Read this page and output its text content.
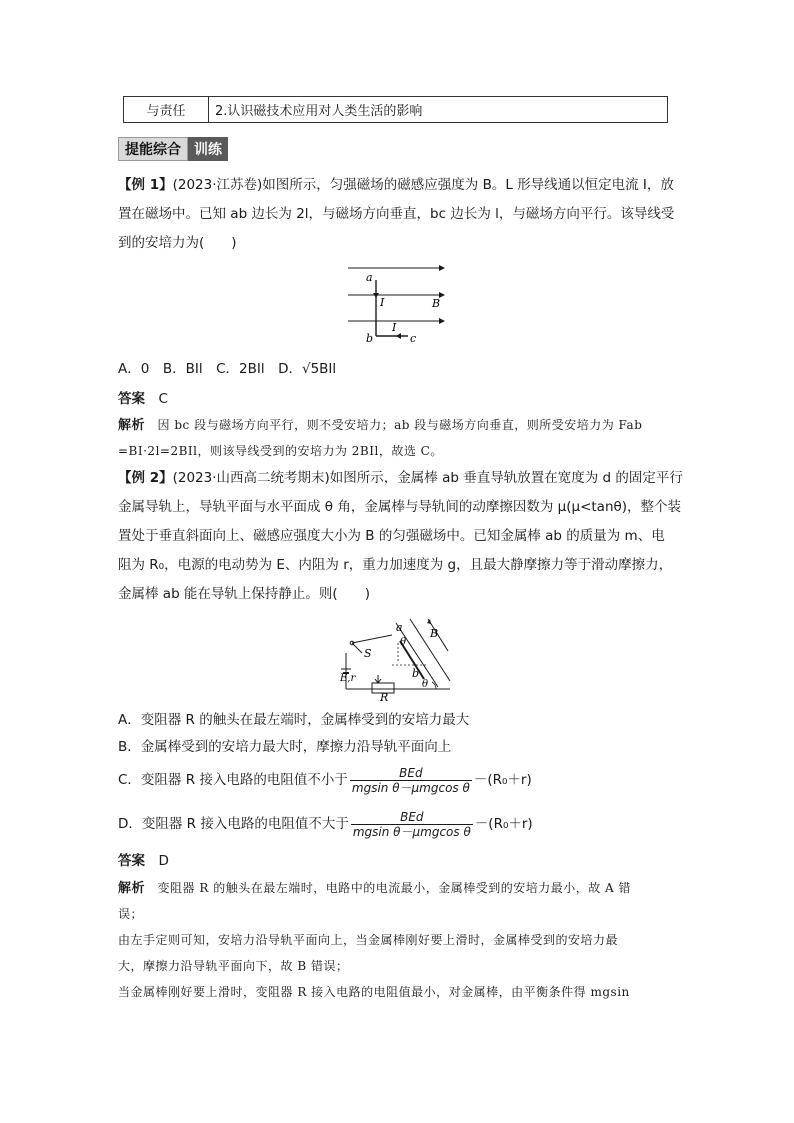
与责任	2.认识磁技术应用对人类生活的影响
提能综合 训练
【例 1】(2023·江苏卷)如图所示，匀强磁场的磁感应强度为 B。L 形导线通以恒定电流 I，放
置在磁场中。已知 ab 边长为 2l，与磁场方向垂直，bc 边长为 l，与磁场方向平行。该导线受
到的安培力为(　　)
a
I	B
I
b	c
A．0　B．BIl　C．2BIl　D．√5BIl
答案　 C
解析　 因 bc 段与磁场方向平行，则不受安培力；ab 段与磁场方向垂直，则所受安培力为 Fab
=BI·2l=2BIl，则该导线受到的安培力为 2BIl，故选 C。
【例 2】(2023·山西高二统考期末)如图所示，金属棒 ab 垂直导轨放置在宽度为 d 的固定平行
金属导轨上，导轨平面与水平面成 θ 角，金属棒与导轨间的动摩擦因数为 μ(μ<tanθ)，整个装
置处于垂直斜面向上、磁感应强度大小为 B 的匀强磁场中。已知金属棒 ab 的质量为 m、电
阻为 R₀，电源的电动势为 E、内阻为 r，重力加速度为 g，且最大静摩擦力等于滑动摩擦力，
金属棒 ab 能在导轨上保持静止。则(　　)
a
θ
B
S
b
E,r
R
θ
A．变阻器 R 的触头在最左端时，金属棒受到的安培力最大
B．金属棒受到的安培力最大时，摩擦力沿导轨平面向上
C．变阻器 R 接入电路的电阻值不小于 $\frac{\text{BEd}}{\text{mgsin θ－μmgcos θ}} -(R_0+r)$
D．变阻器 R 接入电路的电阻值不大于 $\frac{\text{BEd}}{\text{mgsin θ－μmgcos θ}} -(R_0+r)$
答案　 D
解析　 变阻器 R 的触头在最左端时，电路中的电流最小，金属棒受到的安培力最小，故 A 错
误；
由左手定则可知，安培力沿导轨平面向上，当金属棒刚好要上滑时，金属棒受到的安培力最
大，摩擦力沿导轨平面向下，故 B 错误；
当金属棒刚好要上滑时，变阻器 R 接入电路的电阻值最小，对金属棒，由平衡条件得 mgsin
